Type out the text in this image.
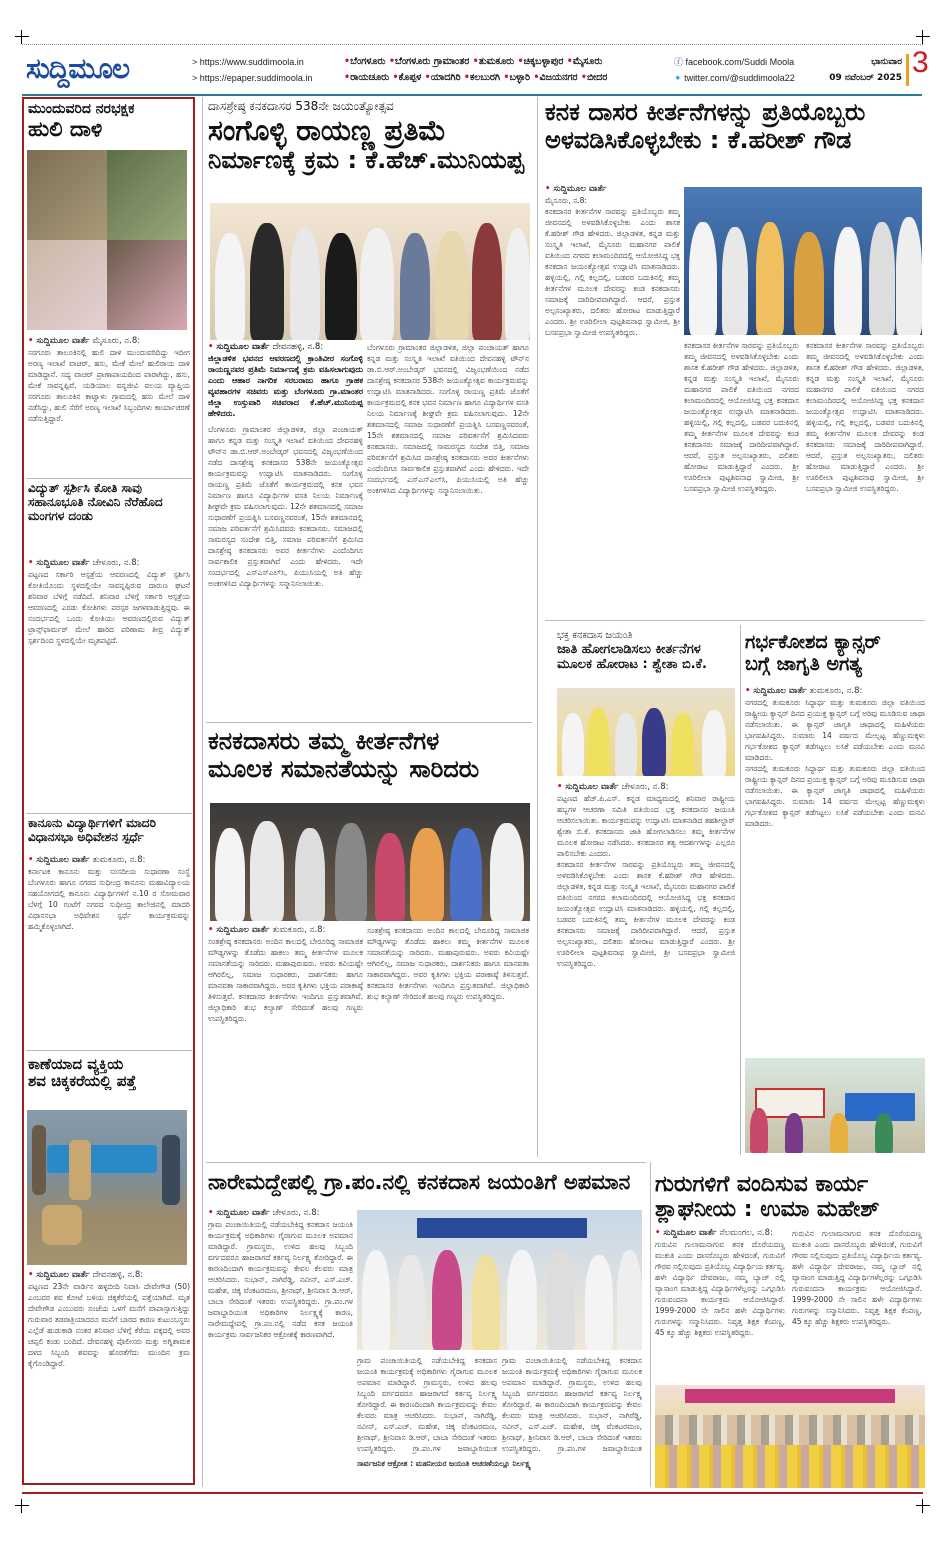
ಸುದ್ದಿಮೂಲ	> https://www.suddimoola.in
> https://epaper.suddimoola.in
•ಬೆಂಗಳೂರು •ಬೆಂಗಳೂರು ಗ್ರಾಮಾಂತರ •ತುಮಕೂರು •ಚಿಕ್ಕಬಳ್ಳಾಪುರ •ಮೈಸೂರು
•ರಾಯಚೂರು •ಕೊಪ್ಪಳ •ಯಾದಗಿರಿ •ಕಲಬುರಗಿ •ಬಳ್ಳಾರಿ •ವಿಜಯನಗರ •ಬೀದರ
ⓕ facebook.com/Suddi Moola
✦ twitter.com/@suddimoola22
ಭಾನುವಾರ
09 ನವೆಂಬರ್ 2025 3
ಮುಂದುವರಿದ ನರಭಕ್ಷಕ
ಹುಲಿ ದಾಳಿ
• ಸುದ್ದಿಮೂಲ ವಾರ್ತೆ ಮೈಸೂರು, ನ.8:
ಸರಗೂರು ತಾಲೂಕಿನಲ್ಲಿ ಹುಲಿ ದಾಳಿ ಮುಂದುವರಿದಿದ್ದು ಇದೀಗ ಅರಣ್ಯ ಇಲಾಖೆ ವಾಚರ್, ಹಸು, ಮೇಕೆ ಮೇಲೆ ಹುಲಿರಾಯ ದಾಳಿ ಮಾಡಿದ್ದಾನೆ. ಸದ್ಯ ವಾಚರ್ ಪ್ರಾಣಾಪಾಯದಿಂದ ಪಾರಾಗಿದ್ದು, ಹಸು, ಮೇಕೆ ಸಾವನ್ನಪ್ಪಿವೆ. ಯಡಿಯಾಲ ವನ್ಯಜೀವಿ ವಲಯ ವ್ಯಾಪ್ತಿಯ ಸರಗೂರು ತಾಲೂಕಿನ ಕಾಟ್ವಾಳು ಗ್ರಾಮದಲ್ಲಿ ಹಸು ಮೇಲೆ ದಾಳಿ ನಡೆಸಿದ್ದು, ಹುಲಿ ಸೆರೆಗೆ ಅರಣ್ಯ ಇಲಾಖೆ ಸಿಬ್ಬಂದಿಗಳು ಕಾರ್ಯಾಚರಣೆ ನಡೆಸುತ್ತಿದ್ದಾರೆ.
ವಿದ್ಯುತ್ ಸ್ಪರ್ಶಿಸಿ ಕೋತಿ ಸಾವು
ಸಹಾನೂಭೂತಿ ನೋವಿನಿ ನೆರೆಹೊದ
ಮಂಗಗಳ ದಂಡು
• ಸುದ್ದಿಮೂಲ ವಾರ್ತೆ ಚೇಳೂರು, ನ.8:
ಪಟ್ಟಣದ ಸರ್ಕಾರಿ ಆಸ್ಪತ್ರೆಯ ಆವರಣದಲ್ಲಿ ವಿದ್ಯುತ್ ಸ್ಪರ್ಶಿಸಿ ಕೋತಿಯೊಂದು ಸ್ಥಳದಲ್ಲಿಯೇ ಸಾವನ್ನಪ್ಪಿರುವ ದಾರುಣ ಘಟನೆ ಶನಿವಾರ ಬೆಳಿಗ್ಗೆ ನಡೆದಿದೆ. ಶನಿವಾರ ಬೆಳಿಗ್ಗೆ ಸರ್ಕಾರಿ ಆಸ್ಪತ್ರೆಯ ಆವರಣದಲ್ಲಿ ಎರಡು ಕೋತಿಗಳು ಪರಸ್ಪರ ಜಗಳವಾಡುತ್ತಿದ್ದವು. ಈ ಸಂದರ್ಭದಲ್ಲಿ ಒಂದು ಕೋತಿಯು ಆವರಣದಲ್ಲಿರುವ ವಿದ್ಯುತ್ ಟ್ರಾನ್ಸ್‌ಫಾರ್ಮರ್ ಮೇಲೆ ಹಾರಿದ ಪರಿಣಾಮ ತೀವ್ರ ವಿದ್ಯುತ್ ಸ್ಪರ್ಶದಿಂದ ಸ್ಥಳದಲ್ಲಿಯೇ ಮೃತಪಟ್ಟಿದೆ.
ಕಾನೂನು ವಿದ್ಯಾರ್ಥಿಗಳಿಗೆ ಮಾದರಿ
ವಿಧಾನಸಭಾ ಅಧಿವೇಶನ ಸ್ಪರ್ಧೆ
• ಸುದ್ದಿಮೂಲ ವಾರ್ತೆ ತುಮಕೂರು, ನ.8:
ಕರ್ನಾಟಕ ಕಾನೂನು ಮತ್ತು ಸಂಸದೀಯ ಸುಧಾರಣಾ ಸಂಸ್ಥೆ ಬೆಂಗಳೂರು ಹಾಗೂ ನಗರದ ಸುಧೀಂದ್ರ ಕಾನೂನು ಮಹಾವಿದ್ಯಾಲಯ ಸಹಯೋಗದಲ್ಲಿ ಕಾನೂನು ವಿದ್ಯಾರ್ಥಿಗಳಿಗೆ ನ.10 ರ ಸೋಮವಾರ ಬೆಳಗ್ಗೆ 10 ಗಂಟೆಗೆ ನಗರದ ಸುಧೀಂದ್ರ ಕಾಲೇಜಿನಲ್ಲಿ ಮಾದರಿ ವಿಧಾನಸಭಾ ಅಧಿವೇಶನ ಸ್ಪರ್ಧೆ ಕಾರ್ಯಕ್ರಮವನ್ನು ಹಮ್ಮಿಕೊಳ್ಳಲಾಗಿದೆ.
ಕಾಣೆಯಾದ ವ್ಯಕ್ತಿಯ
ಶವ ಚಿಕ್ಕಕರೆಯಲ್ಲಿ ಪತ್ತೆ
• ಸುದ್ದಿಮೂಲ ವಾರ್ತೆ ದೇವನಹಳ್ಳಿ, ನ.8:
ಪಟ್ಟಣದ 23ನೇ ವಾರ್ಡಿನ ಹಳ್ಳಬೀದಿ ನಿವಾಸಿ ದೇವೇಗೌಡ (50) ಎಂಬವರ ಶವ ಕೋಟೆ ಬಳಿಯ ಚಿಕ್ಕಕೆರೆಯಲ್ಲಿ ಪತ್ತೆಯಾಗಿದೆ. ಮೃತ ದೇವೇಗೌಡ ಎಂಬುವರು ಸಂಜೆಯ ಒಳಗೆ ಮನೆಗೆ ವಾಪಾಸ್ಸಾಗುತ್ತಿದ್ದು ಗುರುವಾರ ತಡರಾತ್ರಿಯಾದರೂ ಮನೆಗೆ ಬಾರದ ಕಾರಣ ಕುಟುಂಬಸ್ಥರು ಎಲ್ಲೆಡೆ ಹುಡುಕಾಡಿ ನಂತರ ಶನಿವಾರ ಬೆಳಿಗ್ಗೆ ಕೆರೆಯ ಪಕ್ಕದಲ್ಲಿ ಅವರ ಚಪ್ಪಲಿ ಕಂಡು ಬಂದಿದೆ. ದೇವನಹಳ್ಳಿ ಪೊಲೀಸರು ಮತ್ತು ಅಗ್ನಿಶಾಮಕ ದಳದ ಸಿಬ್ಬಂದಿ ಶವವನ್ನು ಹೊರತೆಗೆದು ಮುಂದಿನ ಕ್ರಮ ಕೈಗೊಂಡಿದ್ದಾರೆ.
ದಾಸಶ್ರೇಷ್ಠ ಕನಕದಾಸರ 538ನೇ ಜಯಂತ್ಯೋತ್ಸವ
ಸಂಗೊಳ್ಳಿ ರಾಯಣ್ಣ ಪ್ರತಿಮೆ
ನಿರ್ಮಾಣಕ್ಕೆ ಕ್ರಮ : ಕೆ.ಹೆಚ್.ಮುನಿಯಪ್ಪ
• ಸುದ್ದಿಮೂಲ ವಾರ್ತೆ ದೇವನಹಳ್ಳಿ, ನ.8:
ಜಿಲ್ಲಾಡಳಿತ ಭವನದ ಆವರಣದಲ್ಲಿ ಕ್ರಾಂತಿವೀರ ಸಂಗೊಳ್ಳಿ ರಾಯಣ್ಣನವರ ಪ್ರತಿಮೆ ನಿರ್ಮಾಣಕ್ಕೆ ಕ್ರಮ ವಹಿಸಲಾಗುವುದು ಎಂದು ಆಹಾರ ನಾಗರಿಕ ಸರಬರಾಜು ಹಾಗೂ ಗ್ರಾಹಕ ವ್ಯವಹಾರಗಳ ಸಚಿವರು ಮತ್ತು ಬೆಂಗಳೂರು ಗ್ರಾ.ಮಾಂತರ ಜಿಲ್ಲಾ ಉಸ್ತುವಾರಿ ಸಚಿವರಾದ ಕೆ.ಹೆಚ್.ಮುನಿಯಪ್ಪ ಹೇಳಿದರು.
ಬೆಂಗಳೂರು ಗ್ರಾಮಾಂತರ ಜಿಲ್ಲಾಡಳಿತ, ಜಿಲ್ಲಾ ಪಂಚಾಯತ್ ಹಾಗೂ ಕನ್ನಡ ಮತ್ತು ಸಂಸ್ಕೃತಿ ಇಲಾಖೆ ವತಿಯಿಂದ ದೇವನಹಳ್ಳಿ ಟೌನ್‌ನ ಡಾ.ಬಿ.ಆರ್.ಅಂಬೇಡ್ಕರ್ ಭವನದಲ್ಲಿ ವಿಜೃಂಭಣೆಯಿಂದ ನಡೆದ ದಾಸಶ್ರೇಷ್ಠ ಕನಕದಾಸರ 538ನೇ ಜಯಂತ್ಯೋತ್ಸವ ಕಾರ್ಯಕ್ರಮವನ್ನು ಉದ್ಘಾಟಿಸಿ ಮಾತನಾಡಿದರು. ಸಂಗೊಳ್ಳಿ ರಾಯಣ್ಣ ಪ್ರತಿಮೆ ಜೊತೆಗೆ ಕಾರ್ಯಕ್ರಮದಲ್ಲಿ ಕನಕ ಭವನ ನಿರ್ಮಾಣ ಹಾಗೂ ವಿದ್ಯಾರ್ಥಿಗಳ ವಸತಿ ನಿಲಯ ನಿರ್ಮಾಣಕ್ಕೆ ಶೀಘ್ರವೇ ಕ್ರಮ ವಹಿಸಲಾಗುವುದು. 12ನೇ ಶತಮಾನದಲ್ಲಿ ಸಮಾಜ ಸುಧಾರಣೆಗೆ ಪ್ರಯತ್ನಿಸಿ ಬಸವಣ್ಣನವರಂತೆ, 15ನೇ ಶತಮಾನದಲ್ಲಿ ಸಮಾಜ ಪರಿವರ್ತನೆಗೆ ಶ್ರಮಿಸಿದವರು ಕನಕದಾಸರು. ಸಮಾಜದಲ್ಲಿ ಸಾಮರಸ್ಯದ ಸಂದೇಶ ಬಿತ್ತಿ, ಸಮಾಜ ಪರಿವರ್ತನೆಗೆ ಶ್ರಮಿಸಿದ ದಾಸಶ್ರೇಷ್ಠ ಕನಕದಾಸರು ಅವರ ಕೀರ್ತನೆಗಳು ಎಂದೆಂದಿಗೂ ಸಾರ್ವಕಾಲಿಕ ಪ್ರಸ್ತುತವಾಗಿವೆ ಎಂದು ಹೇಳಿದರು. ಇದೇ ಸಂದರ್ಭದಲ್ಲಿ ಎಸ್‌ಎಸ್‌ಎಲ್‌ಸಿ, ಪಿಯುಸಿಯಲ್ಲಿ ಅತಿ ಹೆಚ್ಚು ಅಂಕಗಳಿಸಿದ ವಿದ್ಯಾರ್ಥಿಗಳನ್ನು ಸನ್ಮಾನಿಸಲಾಯಿತು.
ಬೆಂಗಳೂರು ಗ್ರಾಮಾಂತರ ಜಿಲ್ಲಾಡಳಿತ, ಜಿಲ್ಲಾ ಪಂಚಾಯತ್ ಹಾಗೂ ಕನ್ನಡ ಮತ್ತು ಸಂಸ್ಕೃತಿ ಇಲಾಖೆ ವತಿಯಿಂದ ದೇವನಹಳ್ಳಿ ಟೌನ್‌ನ ಡಾ.ಬಿ.ಆರ್.ಅಂಬೇಡ್ಕರ್ ಭವನದಲ್ಲಿ ವಿಜೃಂಭಣೆಯಿಂದ ನಡೆದ ದಾಸಶ್ರೇಷ್ಠ ಕನಕದಾಸರ 538ನೇ ಜಯಂತ್ಯೋತ್ಸವ ಕಾರ್ಯಕ್ರಮವನ್ನು ಉದ್ಘಾಟಿಸಿ ಮಾತನಾಡಿದರು. ಸಂಗೊಳ್ಳಿ ರಾಯಣ್ಣ ಪ್ರತಿಮೆ ಜೊತೆಗೆ ಕಾರ್ಯಕ್ರಮದಲ್ಲಿ ಕನಕ ಭವನ ನಿರ್ಮಾಣ ಹಾಗೂ ವಿದ್ಯಾರ್ಥಿಗಳ ವಸತಿ ನಿಲಯ ನಿರ್ಮಾಣಕ್ಕೆ ಶೀಘ್ರವೇ ಕ್ರಮ ವಹಿಸಲಾಗುವುದು. 12ನೇ ಶತಮಾನದಲ್ಲಿ ಸಮಾಜ ಸುಧಾರಣೆಗೆ ಪ್ರಯತ್ನಿಸಿ ಬಸವಣ್ಣನವರಂತೆ, 15ನೇ ಶತಮಾನದಲ್ಲಿ ಸಮಾಜ ಪರಿವರ್ತನೆಗೆ ಶ್ರಮಿಸಿದವರು ಕನಕದಾಸರು. ಸಮಾಜದಲ್ಲಿ ಸಾಮರಸ್ಯದ ಸಂದೇಶ ಬಿತ್ತಿ, ಸಮಾಜ ಪರಿವರ್ತನೆಗೆ ಶ್ರಮಿಸಿದ ದಾಸಶ್ರೇಷ್ಠ ಕನಕದಾಸರು ಅವರ ಕೀರ್ತನೆಗಳು ಎಂದೆಂದಿಗೂ ಸಾರ್ವಕಾಲಿಕ ಪ್ರಸ್ತುತವಾಗಿವೆ ಎಂದು ಹೇಳಿದರು. ಇದೇ ಸಂದರ್ಭದಲ್ಲಿ ಎಸ್‌ಎಸ್‌ಎಲ್‌ಸಿ, ಪಿಯುಸಿಯಲ್ಲಿ ಅತಿ ಹೆಚ್ಚು ಅಂಕಗಳಿಸಿದ ವಿದ್ಯಾರ್ಥಿಗಳನ್ನು ಸನ್ಮಾನಿಸಲಾಯಿತು.
ಕನಕದಾಸರು ತಮ್ಮ ಕೀರ್ತನೆಗಳ
ಮೂಲಕ ಸಮಾನತೆಯನ್ನು ಸಾರಿದರು
• ಸುದ್ದಿಮೂಲ ವಾರ್ತೆ ತುಮಕೂರು, ನ.8:
ಸಂತಶ್ರೇಷ್ಠ ಕನಕದಾಸರು ಅಂದಿನ ಕಾಲದಲ್ಲಿ ಬೇರೂರಿದ್ದ ಸಾಮಾಜಿಕ ಮೌಢ್ಯಗಳನ್ನು ತೊಡೆದು ಹಾಕಲು ತಮ್ಮ ಕೀರ್ತನೆಗಳ ಮೂಲಕ ಸಮಾನತೆಯನ್ನು ಸಾರಿದರು. ಮಹಾಪುರುಷರು. ಅವರು ಕವಿಯಷ್ಟೇ ಆಗಿರಲಿಲ್ಲ, ಸಮಾಜ ಸುಧಾರಕರು, ದಾರ್ಶನಿಕರು ಹಾಗೂ ಮಾನವತಾ ಸಾಕಾರವಾಗಿದ್ದರು. ಅವರ ಕೃತಿಗಳು ಭಕ್ತಿಯ ಪರಾಕಾಷ್ಠೆ ತಿಳಿಸುತ್ತವೆ. ಕನಕದಾಸರ ಕೀರ್ತನೆಗಳು ಇಂದಿಗೂ ಪ್ರಸ್ತುತವಾಗಿವೆ. ಜಿಲ್ಲಾಧಿಕಾರಿ ಶುಭ ಕಲ್ಯಾಣ್ ಸೇರಿದಂತೆ ಹಲವು ಗಣ್ಯರು ಉಪಸ್ಥಿತರಿದ್ದರು.
ಸಂತಶ್ರೇಷ್ಠ ಕನಕದಾಸರು ಅಂದಿನ ಕಾಲದಲ್ಲಿ ಬೇರೂರಿದ್ದ ಸಾಮಾಜಿಕ ಮೌಢ್ಯಗಳನ್ನು ತೊಡೆದು ಹಾಕಲು ತಮ್ಮ ಕೀರ್ತನೆಗಳ ಮೂಲಕ ಸಮಾನತೆಯನ್ನು ಸಾರಿದರು. ಮಹಾಪುರುಷರು. ಅವರು ಕವಿಯಷ್ಟೇ ಆಗಿರಲಿಲ್ಲ, ಸಮಾಜ ಸುಧಾರಕರು, ದಾರ್ಶನಿಕರು ಹಾಗೂ ಮಾನವತಾ ಸಾಕಾರವಾಗಿದ್ದರು. ಅವರ ಕೃತಿಗಳು ಭಕ್ತಿಯ ಪರಾಕಾಷ್ಠೆ ತಿಳಿಸುತ್ತವೆ. ಕನಕದಾಸರ ಕೀರ್ತನೆಗಳು ಇಂದಿಗೂ ಪ್ರಸ್ತುತವಾಗಿವೆ. ಜಿಲ್ಲಾಧಿಕಾರಿ ಶುಭ ಕಲ್ಯಾಣ್ ಸೇರಿದಂತೆ ಹಲವು ಗಣ್ಯರು ಉಪಸ್ಥಿತರಿದ್ದರು.
ಕನಕ ದಾಸರ ಕೀರ್ತನೆಗಳನ್ನು ಪ್ರತಿಯೊಬ್ಬರು
ಅಳವಡಿಸಿಕೊಳ್ಳಬೇಕು : ಕೆ.ಹರೀಶ್ ಗೌಡ
• ಸುದ್ದಿಮೂಲ ವಾರ್ತೆ
ಮೈಸೂರು, ನ.8:
ಕನಕದಾಸರ ಕೀರ್ತನೆಗಳ ಸಾರವನ್ನು ಪ್ರತಿಯೊಬ್ಬರು ತಮ್ಮ ಜೀವನದಲ್ಲಿ ಅಳವಡಿಸಿಕೊಳ್ಳಬೇಕು ಎಂದು ಶಾಸಕ ಕೆ.ಹರೀಶ್ ಗೌಡ ಹೇಳಿದರು. ಜಿಲ್ಲಾಡಳಿತ, ಕನ್ನಡ ಮತ್ತು ಸಂಸ್ಕೃತಿ ಇಲಾಖೆ, ಮೈಸೂರು ಮಹಾನಗರ ಪಾಲಿಕೆ ವತಿಯಿಂದ ನಗರದ ಕಲಾಮಂದಿರದಲ್ಲಿ ಆಯೋಜಿಸಿದ್ದ ಭಕ್ತ ಕನಕದಾಸ ಜಯಂತ್ಯೋತ್ಸವ ಉದ್ಘಾಟಿಸಿ ಮಾತನಾಡಿದರು. ಹಳ್ಳಿಯಲ್ಲಿ, ಗಲ್ಲಿ ಕಲ್ಲದಲ್ಲಿ, ಬಡವರ ಬದುಕಿನಲ್ಲಿ ತಮ್ಮ ಕೀರ್ತನೆಗಳ ಮೂಲಕ ದೇವರನ್ನು ಕಂಡ ಕನಕದಾಸರು ಸಮಾಜಕ್ಕೆ ದಾರಿದೀಪವಾಗಿದ್ದಾರೆ. ಆದರೆ, ಪ್ರಸ್ತುತ ಅಲ್ಪಸಂಖ್ಯಾತರು, ದಲಿತರು ಹೋರಾಟ ಮಾಡುತ್ತಿದ್ದಾರೆ ಎಂದರು. ಶ್ರೀ ಊರಿಲೀಲಾ ಪುಟ್ಟಶಿವನಾಥ ಸ್ವಾಮೀಜಿ, ಶ್ರೀ ಬಸವಪ್ರಭಾ ಸ್ವಾಮೀಜಿ ಉಪಸ್ಥಿತರಿದ್ದರು.
ಕನಕದಾಸರ ಕೀರ್ತನೆಗಳ ಸಾರವನ್ನು ಪ್ರತಿಯೊಬ್ಬರು ತಮ್ಮ ಜೀವನದಲ್ಲಿ ಅಳವಡಿಸಿಕೊಳ್ಳಬೇಕು ಎಂದು ಶಾಸಕ ಕೆ.ಹರೀಶ್ ಗೌಡ ಹೇಳಿದರು. ಜಿಲ್ಲಾಡಳಿತ, ಕನ್ನಡ ಮತ್ತು ಸಂಸ್ಕೃತಿ ಇಲಾಖೆ, ಮೈಸೂರು ಮಹಾನಗರ ಪಾಲಿಕೆ ವತಿಯಿಂದ ನಗರದ ಕಲಾಮಂದಿರದಲ್ಲಿ ಆಯೋಜಿಸಿದ್ದ ಭಕ್ತ ಕನಕದಾಸ ಜಯಂತ್ಯೋತ್ಸವ ಉದ್ಘಾಟಿಸಿ ಮಾತನಾಡಿದರು. ಹಳ್ಳಿಯಲ್ಲಿ, ಗಲ್ಲಿ ಕಲ್ಲದಲ್ಲಿ, ಬಡವರ ಬದುಕಿನಲ್ಲಿ ತಮ್ಮ ಕೀರ್ತನೆಗಳ ಮೂಲಕ ದೇವರನ್ನು ಕಂಡ ಕನಕದಾಸರು ಸಮಾಜಕ್ಕೆ ದಾರಿದೀಪವಾಗಿದ್ದಾರೆ. ಆದರೆ, ಪ್ರಸ್ತುತ ಅಲ್ಪಸಂಖ್ಯಾತರು, ದಲಿತರು ಹೋರಾಟ ಮಾಡುತ್ತಿದ್ದಾರೆ ಎಂದರು. ಶ್ರೀ ಊರಿಲೀಲಾ ಪುಟ್ಟಶಿವನಾಥ ಸ್ವಾಮೀಜಿ, ಶ್ರೀ ಬಸವಪ್ರಭಾ ಸ್ವಾಮೀಜಿ ಉಪಸ್ಥಿತರಿದ್ದರು.
ಕನಕದಾಸರ ಕೀರ್ತನೆಗಳ ಸಾರವನ್ನು ಪ್ರತಿಯೊಬ್ಬರು ತಮ್ಮ ಜೀವನದಲ್ಲಿ ಅಳವಡಿಸಿಕೊಳ್ಳಬೇಕು ಎಂದು ಶಾಸಕ ಕೆ.ಹರೀಶ್ ಗೌಡ ಹೇಳಿದರು. ಜಿಲ್ಲಾಡಳಿತ, ಕನ್ನಡ ಮತ್ತು ಸಂಸ್ಕೃತಿ ಇಲಾಖೆ, ಮೈಸೂರು ಮಹಾನಗರ ಪಾಲಿಕೆ ವತಿಯಿಂದ ನಗರದ ಕಲಾಮಂದಿರದಲ್ಲಿ ಆಯೋಜಿಸಿದ್ದ ಭಕ್ತ ಕನಕದಾಸ ಜಯಂತ್ಯೋತ್ಸವ ಉದ್ಘಾಟಿಸಿ ಮಾತನಾಡಿದರು. ಹಳ್ಳಿಯಲ್ಲಿ, ಗಲ್ಲಿ ಕಲ್ಲದಲ್ಲಿ, ಬಡವರ ಬದುಕಿನಲ್ಲಿ ತಮ್ಮ ಕೀರ್ತನೆಗಳ ಮೂಲಕ ದೇವರನ್ನು ಕಂಡ ಕನಕದಾಸರು ಸಮಾಜಕ್ಕೆ ದಾರಿದೀಪವಾಗಿದ್ದಾರೆ. ಆದರೆ, ಪ್ರಸ್ತುತ ಅಲ್ಪಸಂಖ್ಯಾತರು, ದಲಿತರು ಹೋರಾಟ ಮಾಡುತ್ತಿದ್ದಾರೆ ಎಂದರು. ಶ್ರೀ ಊರಿಲೀಲಾ ಪುಟ್ಟಶಿವನಾಥ ಸ್ವಾಮೀಜಿ, ಶ್ರೀ ಬಸವಪ್ರಭಾ ಸ್ವಾಮೀಜಿ ಉಪಸ್ಥಿತರಿದ್ದರು.
ಭಕ್ತ ಕನಕದಾಸ ಜಯಂತಿ
ಜಾತಿ ಹೋಗಲಾಡಿಸಲು ಕೀರ್ತನೆಗಳ
ಮೂಲಕ ಹೋರಾಟ : ಶ್ವೇತಾ ಬಿ.ಕೆ.
• ಸುದ್ದಿಮೂಲ ವಾರ್ತೆ ಚೇಳೂರು, ನ.8:
ಪಟ್ಟಣದ ಹೆಚ್.ಪಿ.ಎಸ್. ಕನ್ನಡ ಮಾಧ್ಯಮದಲ್ಲಿ ಶನಿವಾರ ರಾಷ್ಟ್ರೀಯ ಹಬ್ಬಗಳ ಆಚರಣಾ ಸಮಿತಿ ವತಿಯಿಂದ ಭಕ್ತ ಕನಕದಾಸರ ಜಯಂತಿ ಆಚರಿಸಲಾಯಿತು. ಕಾರ್ಯಕ್ರಮವನ್ನು ಉದ್ಘಾಟಿಸಿ ಮಾತನಾಡಿದ ತಹಶೀಲ್ದಾರ್ ಶ್ವೇತಾ ಬಿ.ಕೆ. ಕನಕದಾಸರು ಜಾತಿ ಹೋಗಲಾಡಿಸಲು ತಮ್ಮ ಕೀರ್ತನೆಗಳ ಮೂಲಕ ಹೋರಾಟ ನಡೆಸಿದರು. ಕನಕದಾಸರ ತತ್ವ ಆದರ್ಶಗಳನ್ನು ಎಲ್ಲರೂ ಪಾಲಿಸಬೇಕು ಎಂದರು.
ಕನಕದಾಸರ ಕೀರ್ತನೆಗಳ ಸಾರವನ್ನು ಪ್ರತಿಯೊಬ್ಬರು ತಮ್ಮ ಜೀವನದಲ್ಲಿ ಅಳವಡಿಸಿಕೊಳ್ಳಬೇಕು ಎಂದು ಶಾಸಕ ಕೆ.ಹರೀಶ್ ಗೌಡ ಹೇಳಿದರು. ಜಿಲ್ಲಾಡಳಿತ, ಕನ್ನಡ ಮತ್ತು ಸಂಸ್ಕೃತಿ ಇಲಾಖೆ, ಮೈಸೂರು ಮಹಾನಗರ ಪಾಲಿಕೆ ವತಿಯಿಂದ ನಗರದ ಕಲಾಮಂದಿರದಲ್ಲಿ ಆಯೋಜಿಸಿದ್ದ ಭಕ್ತ ಕನಕದಾಸ ಜಯಂತ್ಯೋತ್ಸವ ಉದ್ಘಾಟಿಸಿ ಮಾತನಾಡಿದರು. ಹಳ್ಳಿಯಲ್ಲಿ, ಗಲ್ಲಿ ಕಲ್ಲದಲ್ಲಿ, ಬಡವರ ಬದುಕಿನಲ್ಲಿ ತಮ್ಮ ಕೀರ್ತನೆಗಳ ಮೂಲಕ ದೇವರನ್ನು ಕಂಡ ಕನಕದಾಸರು ಸಮಾಜಕ್ಕೆ ದಾರಿದೀಪವಾಗಿದ್ದಾರೆ. ಆದರೆ, ಪ್ರಸ್ತುತ ಅಲ್ಪಸಂಖ್ಯಾತರು, ದಲಿತರು ಹೋರಾಟ ಮಾಡುತ್ತಿದ್ದಾರೆ ಎಂದರು. ಶ್ರೀ ಊರಿಲೀಲಾ ಪುಟ್ಟಶಿವನಾಥ ಸ್ವಾಮೀಜಿ, ಶ್ರೀ ಬಸವಪ್ರಭಾ ಸ್ವಾಮೀಜಿ ಉಪಸ್ಥಿತರಿದ್ದರು.
ಗರ್ಭಕೋಶದ ಕ್ಯಾನ್ಸರ್
ಬಗ್ಗೆ ಜಾಗೃತಿ ಅಗತ್ಯ
• ಸುದ್ದಿಮೂಲ ವಾರ್ತೆ ತುಮಕೂರು, ನ.8:
ನಗರದಲ್ಲಿ ತುಮಕೂರು ಸಿದ್ಧಾರ್ಥ ಮತ್ತು ತುಮಕೂರು ಜಿಲ್ಲಾ ವತಿಯಿಂದ ರಾಷ್ಟ್ರೀಯ ಕ್ಯಾನ್ಸರ್ ದಿನದ ಪ್ರಯುಕ್ತ ಕ್ಯಾನ್ಸರ್ ಬಗ್ಗೆ ಅರಿವು ಮೂಡಿಸುವ ಜಾಥಾ ನಡೆಸಲಾಯಿತು. ಈ ಕ್ಯಾನ್ಸರ್ ಜಾಗೃತಿ ಜಾಥಾದಲ್ಲಿ ಮಹಿಳೆಯರು ಭಾಗವಹಿಸಿದ್ದರು. ಸುಮಾರು 14 ವರ್ಷದ ಮೇಲ್ಪಟ್ಟ ಹೆಣ್ಣುಮಕ್ಕಳು ಗರ್ಭಕೋಶದ ಕ್ಯಾನ್ಸರ್ ತಡೆಗಟ್ಟಲು ಲಸಿಕೆ ಪಡೆಯಬೇಕು ಎಂದು ಮನವಿ ಮಾಡಿದರು.
ನಗರದಲ್ಲಿ ತುಮಕೂರು ಸಿದ್ಧಾರ್ಥ ಮತ್ತು ತುಮಕೂರು ಜಿಲ್ಲಾ ವತಿಯಿಂದ ರಾಷ್ಟ್ರೀಯ ಕ್ಯಾನ್ಸರ್ ದಿನದ ಪ್ರಯುಕ್ತ ಕ್ಯಾನ್ಸರ್ ಬಗ್ಗೆ ಅರಿವು ಮೂಡಿಸುವ ಜಾಥಾ ನಡೆಸಲಾಯಿತು. ಈ ಕ್ಯಾನ್ಸರ್ ಜಾಗೃತಿ ಜಾಥಾದಲ್ಲಿ ಮಹಿಳೆಯರು ಭಾಗವಹಿಸಿದ್ದರು. ಸುಮಾರು 14 ವರ್ಷದ ಮೇಲ್ಪಟ್ಟ ಹೆಣ್ಣುಮಕ್ಕಳು ಗರ್ಭಕೋಶದ ಕ್ಯಾನ್ಸರ್ ತಡೆಗಟ್ಟಲು ಲಸಿಕೆ ಪಡೆಯಬೇಕು ಎಂದು ಮನವಿ ಮಾಡಿದರು.
ನಾರೇಮದ್ದೇಪಲ್ಲಿ ಗ್ರಾ.ಪಂ.ನಲ್ಲಿ ಕನಕದಾಸ ಜಯಂತಿಗೆ ಅಪಮಾನ
• ಸುದ್ದಿಮೂಲ ವಾರ್ತೆ ಚೇಳೂರು, ನ.8:
ಗ್ರಾಮ ಪಂಚಾಯಿತಿಯಲ್ಲಿ ನಡೆಯಬೇಕಿದ್ದ ಕನಕದಾಸ ಜಯಂತಿ ಕಾರ್ಯಕ್ರಮಕ್ಕೆ ಅಧಿಕಾರಿಗಳು ಗೈರಾಗುವ ಮೂಲಕ ಅಪಮಾನ ಮಾಡಿದ್ದಾರೆ. ಗ್ರಾಮಸ್ಥರು, ಉಳಿದ ಹಲವು ಸಿಬ್ಬಂದಿ ವರ್ಗದವರೂ ಹಾಜರಾಗದೆ ಕರ್ತವ್ಯ ನಿರ್ಲಕ್ಷ್ಯ ತೋರಿದ್ದಾರೆ. ಈ ಕಾರಣದಿಂದಾಗಿ ಕಾರ್ಯಕ್ರಮವನ್ನು ಕೇವಲ ಕೆಲವರು ಮಾತ್ರ ಆಚರಿಸಿದರು. ಸುಭಾನ್, ನಾಗಿರೆಡ್ಡಿ, ನವೀನ್, ಎಸ್.ಎಚ್. ಮಹೇಶ, ಚಿಕ್ಕ ವೆಂಕಟರಮಣ, ಶ್ರೀನಾಥ್, ಶ್ರೀನಿವಾಸ ಡಿ.ಆರ್, ಬಾಬಾ ಸೇರಿದಂತೆ ಇತರರು ಉಪಸ್ಥಿತರಿದ್ದರು. ಗ್ರಾ.ಪಂ.ಗಳ ಜವಾಬ್ದಾರಿಯುತ ಅಧಿಕಾರಿಗಳ ನಿರ್ಲಕ್ಷ್ಯಕ್ಕೆ ಕಾರಣ, ನಾರೇಮದ್ದೇಪಲ್ಲಿ ಗ್ರಾ.ಪಂ.ನಲ್ಲಿ ನಡೆದ ಕನಕ ಜಯಂತಿ ಕಾರ್ಯಕ್ರಮ ಸಾರ್ವಜನಿಕರ ಆಕ್ರೋಶಕ್ಕೆ ಕಾರಣವಾಗಿದೆ.
ಗ್ರಾಮ ಪಂಚಾಯಿತಿಯಲ್ಲಿ ನಡೆಯಬೇಕಿದ್ದ ಕನಕದಾಸ ಜಯಂತಿ ಕಾರ್ಯಕ್ರಮಕ್ಕೆ ಅಧಿಕಾರಿಗಳು ಗೈರಾಗುವ ಮೂಲಕ ಅಪಮಾನ ಮಾಡಿದ್ದಾರೆ. ಗ್ರಾಮಸ್ಥರು, ಉಳಿದ ಹಲವು ಸಿಬ್ಬಂದಿ ವರ್ಗದವರೂ ಹಾಜರಾಗದೆ ಕರ್ತವ್ಯ ನಿರ್ಲಕ್ಷ್ಯ ತೋರಿದ್ದಾರೆ. ಈ ಕಾರಣದಿಂದಾಗಿ ಕಾರ್ಯಕ್ರಮವನ್ನು ಕೇವಲ ಕೆಲವರು ಮಾತ್ರ ಆಚರಿಸಿದರು. ಸುಭಾನ್, ನಾಗಿರೆಡ್ಡಿ, ನವೀನ್, ಎಸ್.ಎಚ್. ಮಹೇಶ, ಚಿಕ್ಕ ವೆಂಕಟರಮಣ, ಶ್ರೀನಾಥ್, ಶ್ರೀನಿವಾಸ ಡಿ.ಆರ್, ಬಾಬಾ ಸೇರಿದಂತೆ ಇತರರು ಉಪಸ್ಥಿತರಿದ್ದರು. ಗ್ರಾ.ಪಂ.ಗಳ ಜವಾಬ್ದಾರಿಯುತ
ಗ್ರಾಮ ಪಂಚಾಯಿತಿಯಲ್ಲಿ ನಡೆಯಬೇಕಿದ್ದ ಕನಕದಾಸ ಜಯಂತಿ ಕಾರ್ಯಕ್ರಮಕ್ಕೆ ಅಧಿಕಾರಿಗಳು ಗೈರಾಗುವ ಮೂಲಕ ಅಪಮಾನ ಮಾಡಿದ್ದಾರೆ. ಗ್ರಾಮಸ್ಥರು, ಉಳಿದ ಹಲವು ಸಿಬ್ಬಂದಿ ವರ್ಗದವರೂ ಹಾಜರಾಗದೆ ಕರ್ತವ್ಯ ನಿರ್ಲಕ್ಷ್ಯ ತೋರಿದ್ದಾರೆ. ಈ ಕಾರಣದಿಂದಾಗಿ ಕಾರ್ಯಕ್ರಮವನ್ನು ಕೇವಲ ಕೆಲವರು ಮಾತ್ರ ಆಚರಿಸಿದರು. ಸುಭಾನ್, ನಾಗಿರೆಡ್ಡಿ, ನವೀನ್, ಎಸ್.ಎಚ್. ಮಹೇಶ, ಚಿಕ್ಕ ವೆಂಕಟರಮಣ, ಶ್ರೀನಾಥ್, ಶ್ರೀನಿವಾಸ ಡಿ.ಆರ್, ಬಾಬಾ ಸೇರಿದಂತೆ ಇತರರು ಉಪಸ್ಥಿತರಿದ್ದರು. ಗ್ರಾ.ಪಂ.ಗಳ ಜವಾಬ್ದಾರಿಯುತ
ಸಾರ್ವಜನಿಕ ಆಕ್ರೋಶ : ಮಹನೀಯರ ಜಯಂತಿ ಆಚರಣೆಯಲ್ಲೂ ನಿರ್ಲಕ್ಷ್ಯ
ಗುರುಗಳಿಗೆ ವಂದಿಸುವ ಕಾರ್ಯ
ಶ್ಲಾಘನೀಯ : ಉಮಾ ಮಹೇಶ್
• ಸುದ್ದಿಮೂಲ ವಾರ್ತೆ ನೆಲಮಂಗಲ, ನ.8:
ಗುರುವಿನ ಗುಲಾಮನಾಗುವ ತನಕ ದೊರೆಯದಣ್ಣ ಮುಕುತಿ ಎಂದು ದಾಸರೊಬ್ಬರು ಹೇಳಿದಂತೆ, ಗುರುವಿಗೆ ಗೌರವ ಸಲ್ಲಿಸುವುದು ಪ್ರತಿಯೊಬ್ಬ ವಿದ್ಯಾರ್ಥಿಯ ಕರ್ತವ್ಯ. ಹಳೇ ವಿದ್ಯಾರ್ಥಿ ದೇವರಾಜು, ನಮ್ಮ ಬ್ಯಾಚ್ ನಲ್ಲಿ ವ್ಯಾಸಾಂಗ ಮಾಡುತ್ತಿದ್ದ ವಿದ್ಯಾರ್ಥಿಗಳೆಲ್ಲರನ್ನು ಒಗ್ಗೂಡಿಸಿ ಗುರುವಂದನಾ ಕಾರ್ಯಕ್ರಮ ಆಯೋಜಿಸಿದ್ದಾರೆ. 1999-2000 ನೇ ಸಾಲಿನ ಹಳೇ ವಿದ್ಯಾರ್ಥಿಗಳು ಗುರುಗಳನ್ನು ಸನ್ಮಾನಿಸಿದರು. ನಿವೃತ್ತ ಶಿಕ್ಷಕ ಕೆಂಪಣ್ಣ, 45 ಕ್ಕೂ ಹೆಚ್ಚು ಶಿಕ್ಷಕರು ಉಪಸ್ಥಿತರಿದ್ದರು.
ಗುರುವಿನ ಗುಲಾಮನಾಗುವ ತನಕ ದೊರೆಯದಣ್ಣ ಮುಕುತಿ ಎಂದು ದಾಸರೊಬ್ಬರು ಹೇಳಿದಂತೆ, ಗುರುವಿಗೆ ಗೌರವ ಸಲ್ಲಿಸುವುದು ಪ್ರತಿಯೊಬ್ಬ ವಿದ್ಯಾರ್ಥಿಯ ಕರ್ತವ್ಯ. ಹಳೇ ವಿದ್ಯಾರ್ಥಿ ದೇವರಾಜು, ನಮ್ಮ ಬ್ಯಾಚ್ ನಲ್ಲಿ ವ್ಯಾಸಾಂಗ ಮಾಡುತ್ತಿದ್ದ ವಿದ್ಯಾರ್ಥಿಗಳೆಲ್ಲರನ್ನು ಒಗ್ಗೂಡಿಸಿ ಗುರುವಂದನಾ ಕಾರ್ಯಕ್ರಮ ಆಯೋಜಿಸಿದ್ದಾರೆ. 1999-2000 ನೇ ಸಾಲಿನ ಹಳೇ ವಿದ್ಯಾರ್ಥಿಗಳು ಗುರುಗಳನ್ನು ಸನ್ಮಾನಿಸಿದರು. ನಿವೃತ್ತ ಶಿಕ್ಷಕ ಕೆಂಪಣ್ಣ, 45 ಕ್ಕೂ ಹೆಚ್ಚು ಶಿಕ್ಷಕರು ಉಪಸ್ಥಿತರಿದ್ದರು.
